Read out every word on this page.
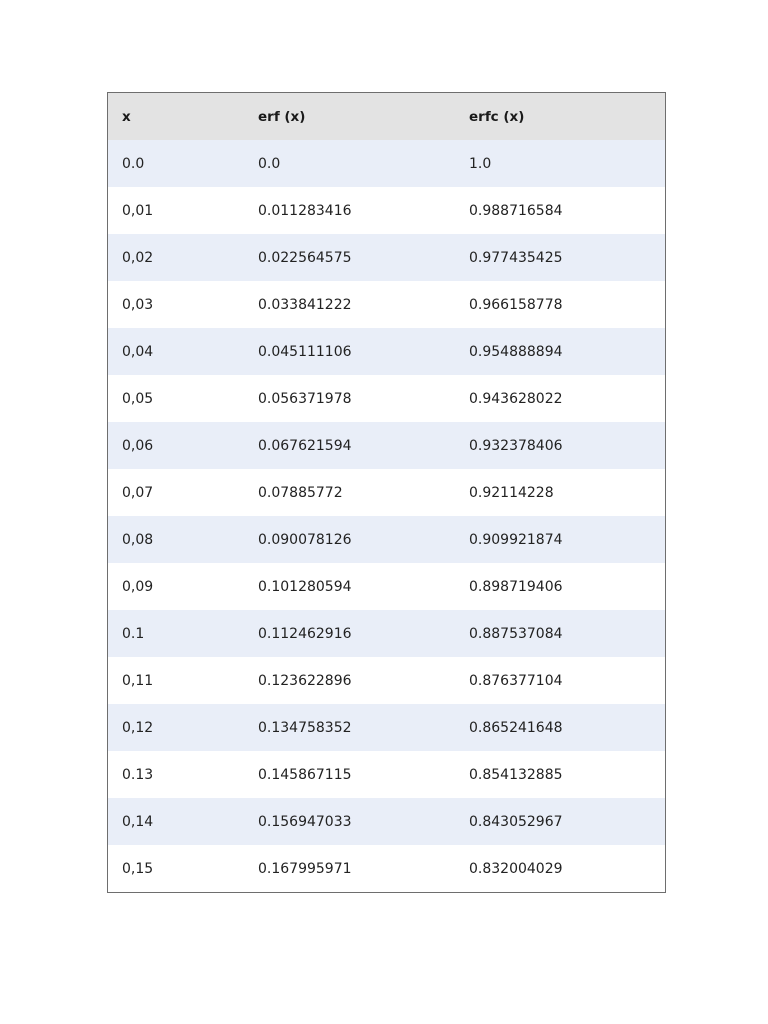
x	erf (x)	erfc (x)
0.0	0.0	1.0
0,01	0.011283416	0.988716584
0,02	0.022564575	0.977435425
0,03	0.033841222	0.966158778
0,04	0.045111106	0.954888894
0,05	0.056371978	0.943628022
0,06	0.067621594	0.932378406
0,07	0.07885772	0.92114228
0,08	0.090078126	0.909921874
0,09	0.101280594	0.898719406
0.1	0.112462916	0.887537084
0,11	0.123622896	0.876377104
0,12	0.134758352	0.865241648
0.13	0.145867115	0.854132885
0,14	0.156947033	0.843052967
0,15	0.167995971	0.832004029
